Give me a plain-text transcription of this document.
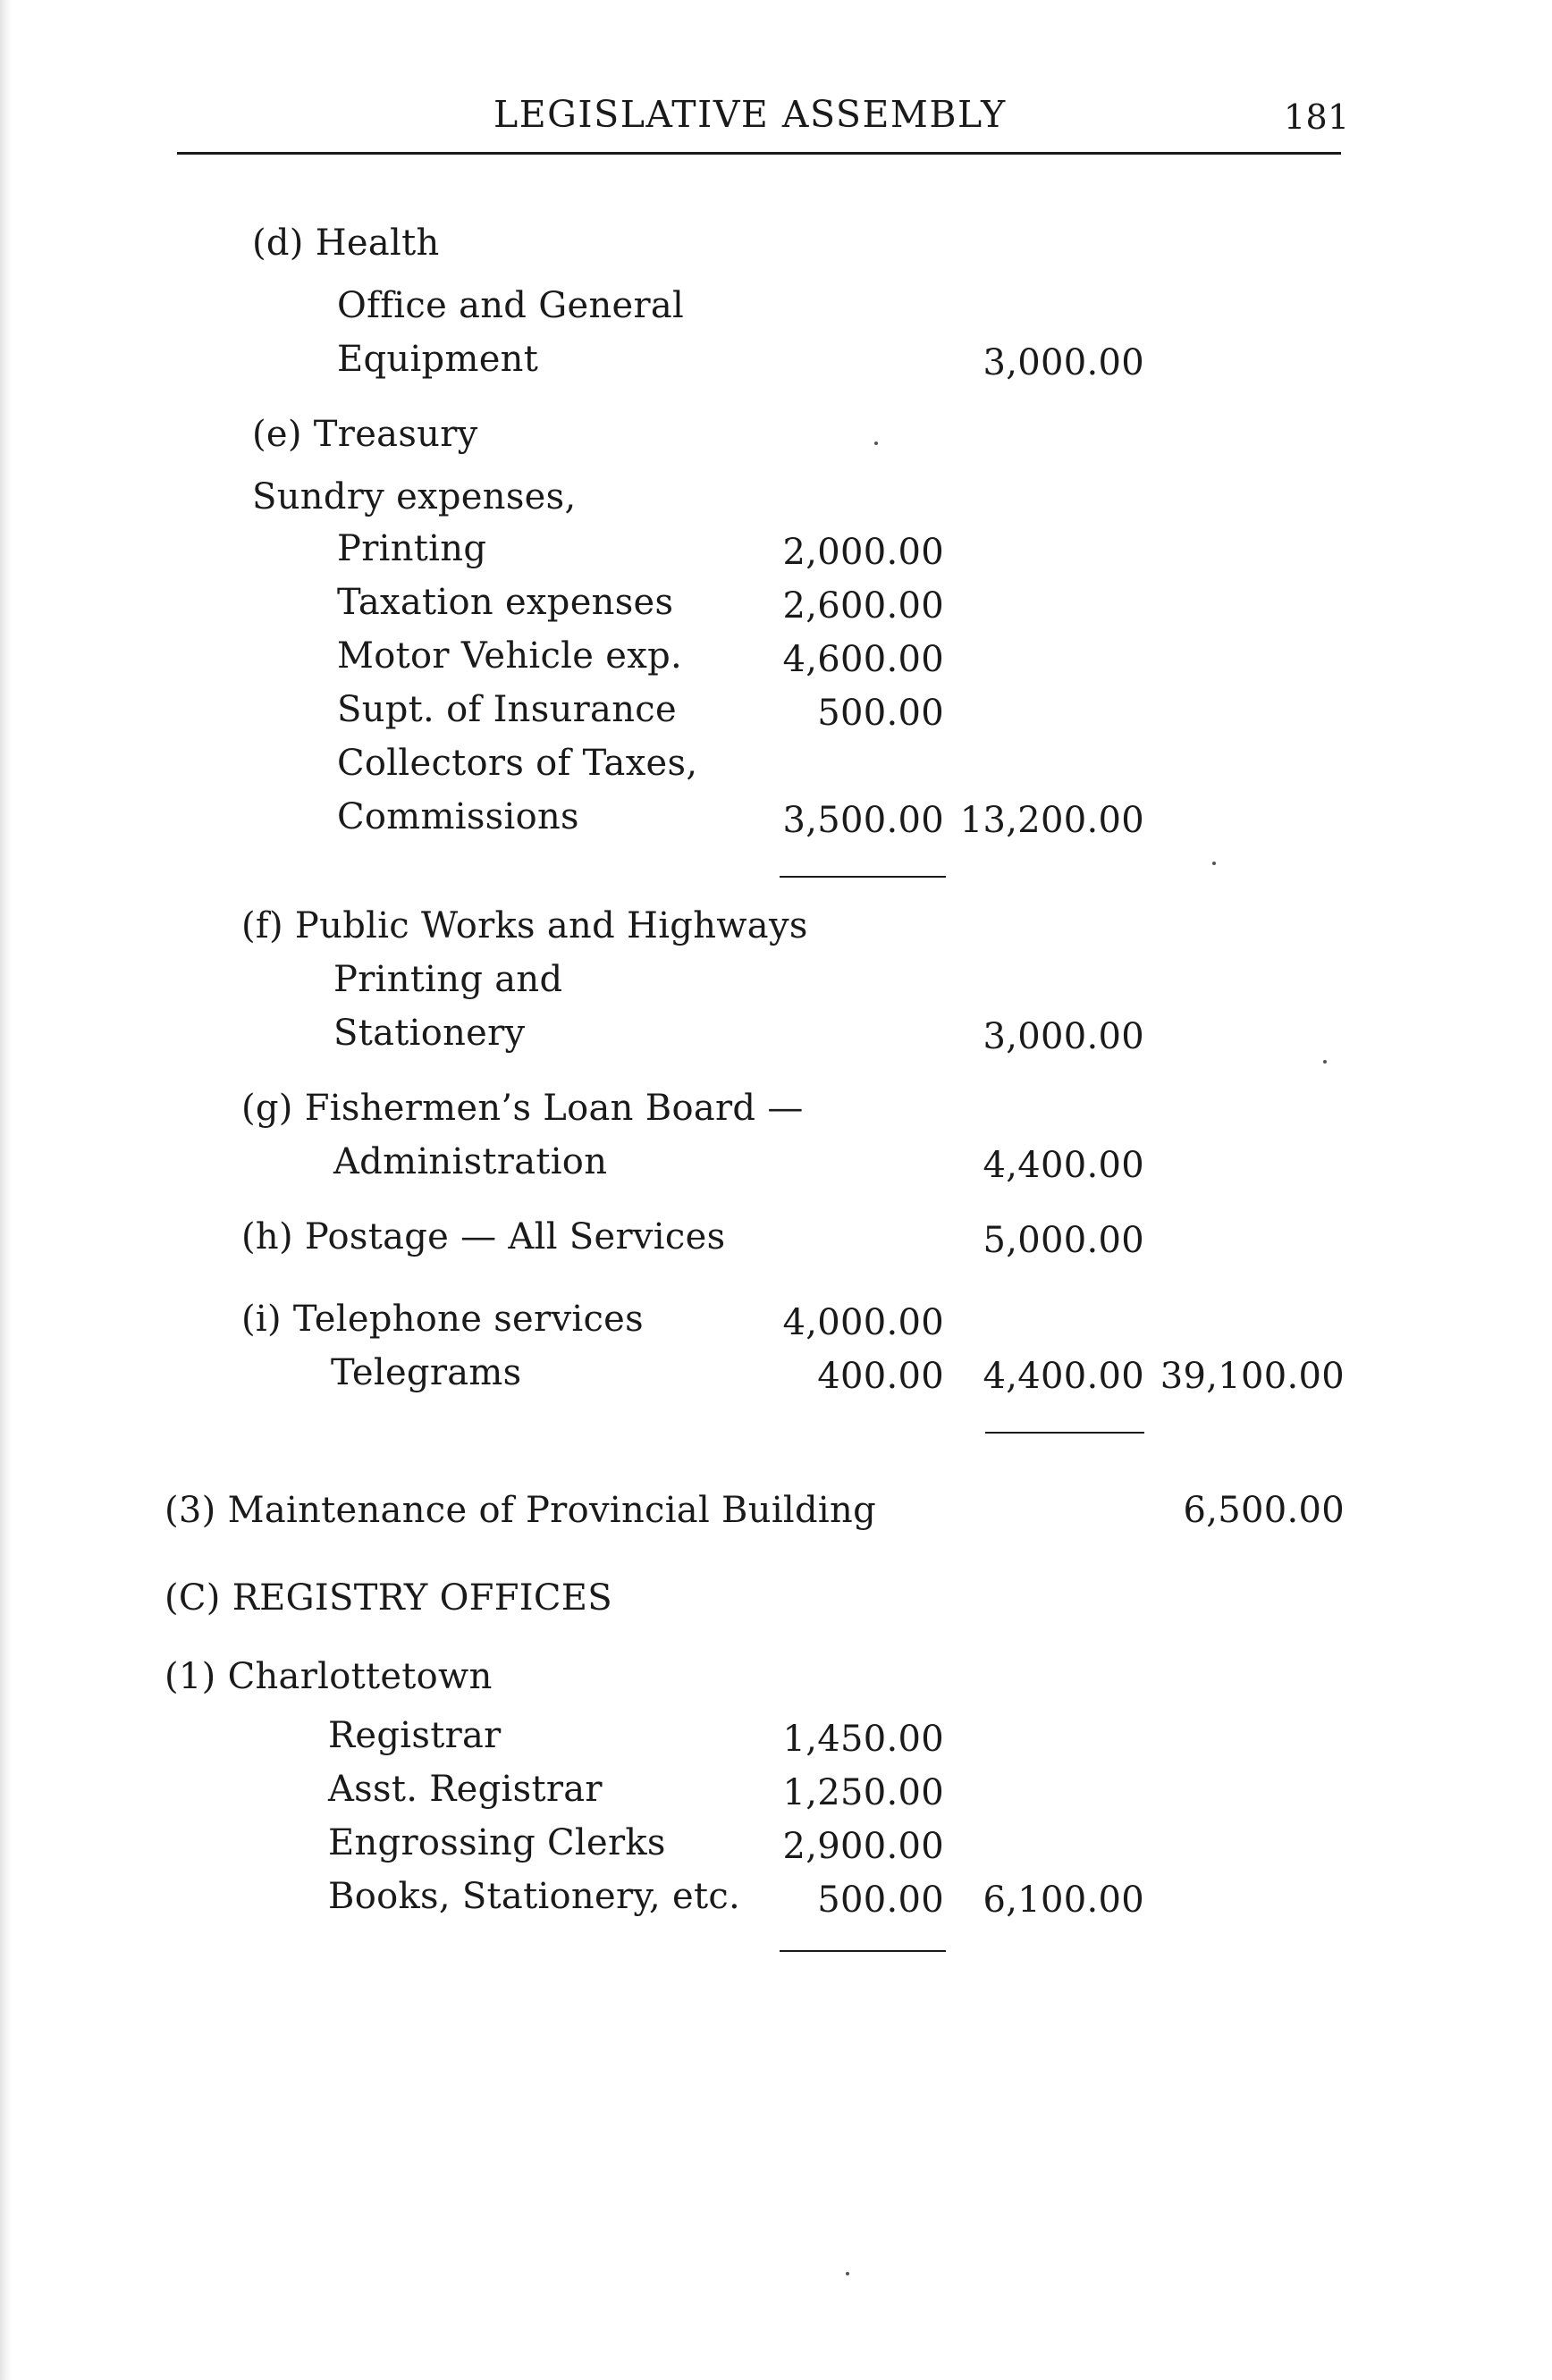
LEGISLATIVE ASSEMBLY	181
(d) Health
Office and General
Equipment	3,000.00
(e) Treasury
Sundry expenses,
Printing	2,000.00
Taxation expenses	2,600.00
Motor Vehicle exp.	4,600.00
Supt. of Insurance	500.00
Collectors of Taxes,
Commissions	3,500.00 13,200.00
(f) Public Works and Highways
Printing and
Stationery	3,000.00
(g) Fishermen’s Loan Board —
Administration	4,400.00
(h) Postage — All Services	5,000.00
(i) Telephone services	4,000.00
Telegrams	400.00	4,400.00 39,100.00
(3) Maintenance of Provincial Building	6,500.00
(C) REGISTRY OFFICES
(1) Charlottetown
Registrar	1,450.00
Asst. Registrar	1,250.00
Engrossing Clerks	2,900.00
Books, Stationery, etc.	500.00	6,100.00
